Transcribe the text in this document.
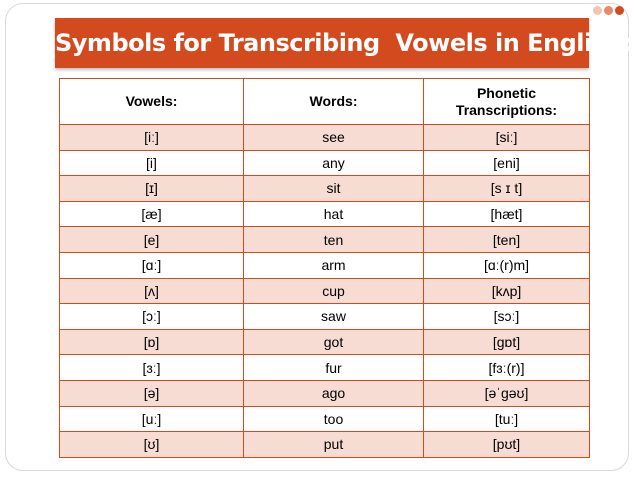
Symbols for Transcribing  Vowels in English:
Vowels:	Words:	Phonetic Transcriptions:
[iː]	see	[siː]
[i]	any	[eni]
[ɪ]	sit	[s ɪ t]
[æ]	hat	[hæt]
[e]	ten	[ten]
[ɑː]	arm	[ɑː(r)m]
[ʌ]	cup	[kʌp]
[ɔː]	saw	[sɔː]
[ɒ]	got	[gɒt]
[ɜː]	fur	[fɜː(r)]
[ə]	ago	[əˈgəʊ]
[uː]	too	[tuː]
[ʊ]	put	[pʊt]
